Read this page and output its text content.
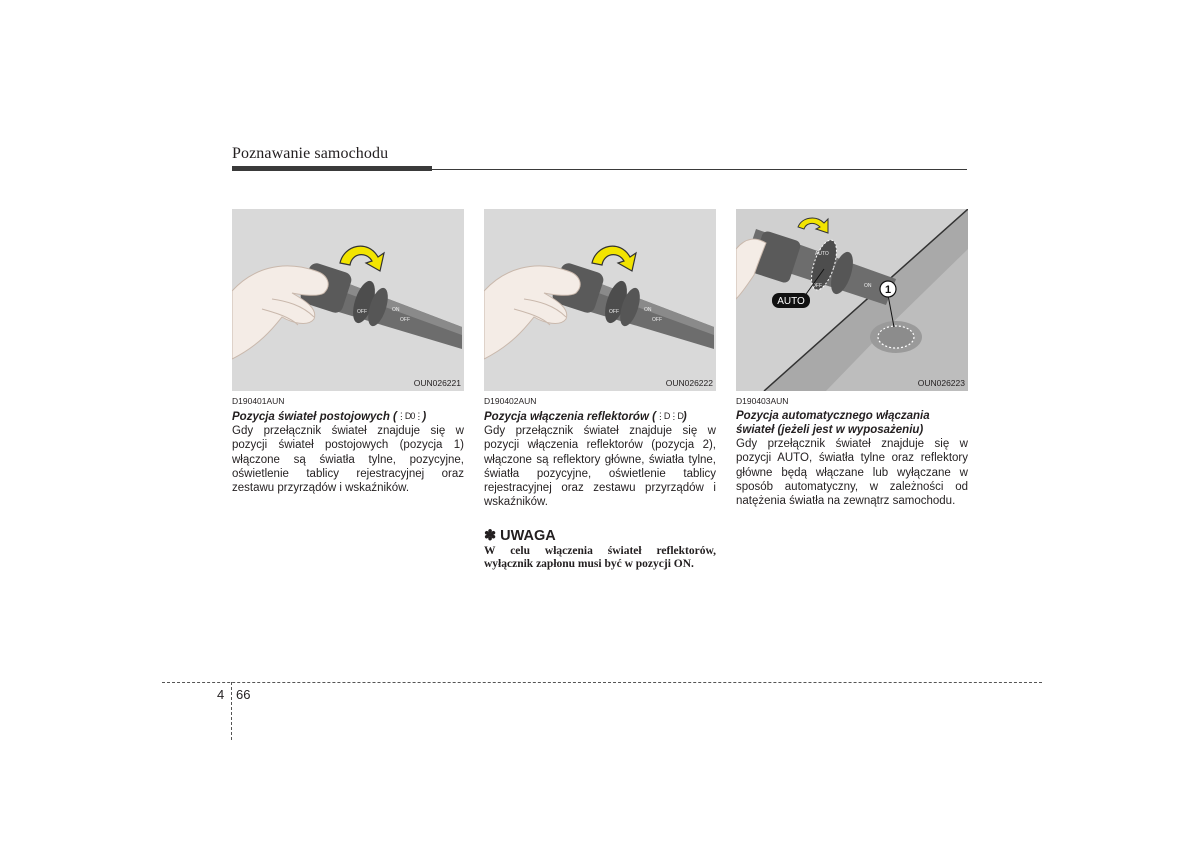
Poznawanie samochodu
OFF	ON
OFF
OUN026221
D190401AUN
Pozycja świateł postojowych (⋮D0⋮)
Gdy przełącznik świateł znajduje się w pozycji świateł postojowych (pozycja 1) włączone są światła tylne, pozycyjne, oświetlenie tablicy rejestracyjnej oraz zestawu przyrządów i wskaźników.
OFF	ON
OFF
OUN026222
D190402AUN
Pozycja włączenia reflektorów (⋮D⋮D)
Gdy przełącznik świateł znajduje się w pozycji włączenia reflektorów (pozycja 2), włączone są reflektory główne, światła tylne, światła pozycyjne, oświetlenie tablicy rejestracyjnej oraz zestawu przyrządów i wskaźników.
✽ UWAGA
W celu włączenia świateł reflektorów, wyłącznik zapłonu musi być w pozycji ON.
AUTO
OFF	ON
AUTO
1
OUN026223
D190403AUN
Pozycja automatycznego włączania świateł (jeżeli jest w wyposażeniu)
Gdy przełącznik świateł znajduje się w pozycji AUTO, światła tylne oraz reflektory główne będą włączane lub wyłączane w sposób automatyczny, w zależności od natężenia światła na zewnątrz samochodu.
4 66
